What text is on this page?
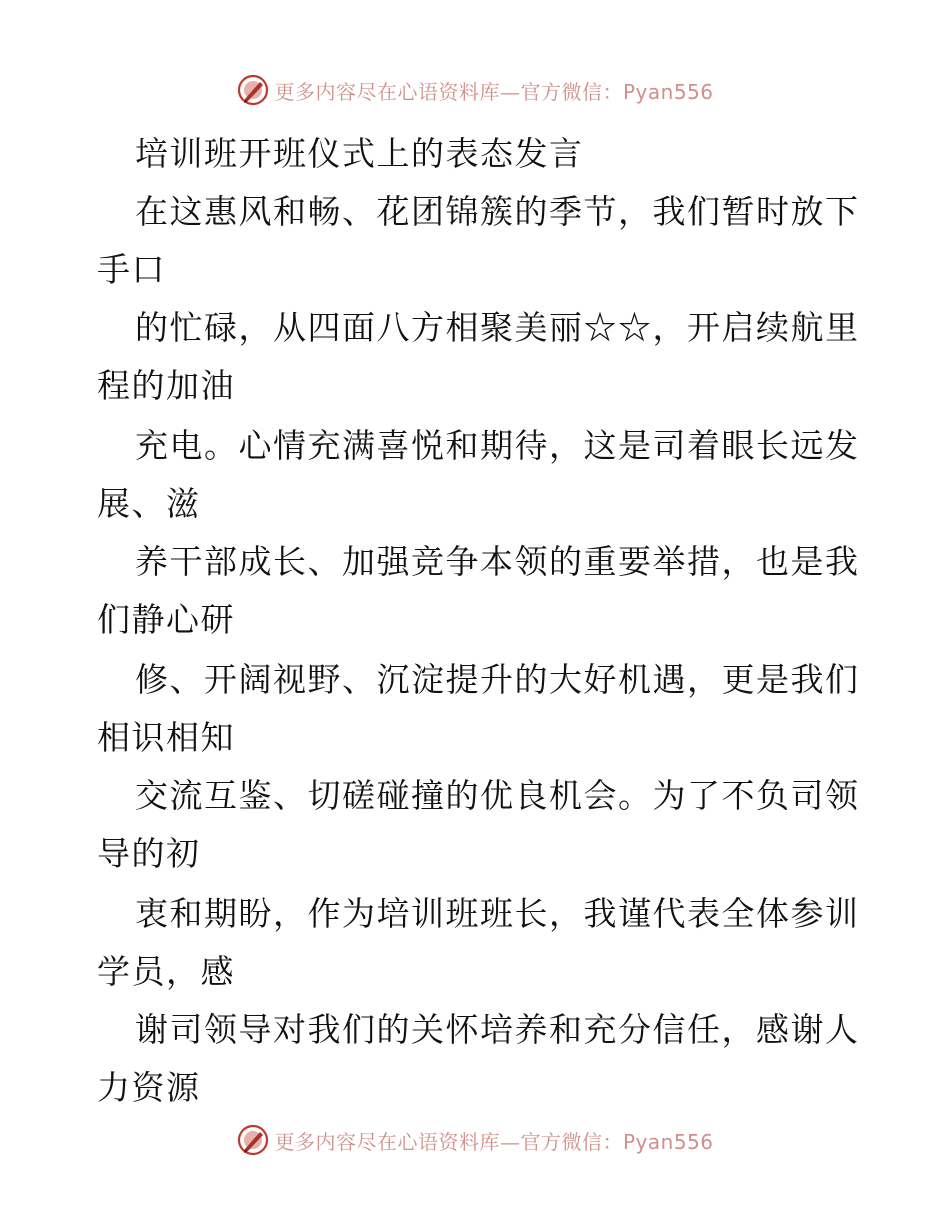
更多内容尽在心语资料库—官方微信：Pyan556
培训班开班仪式上的表态发言
在这惠风和畅、花团锦簇的季节，我们暂时放下
手口
的忙碌，从四面八方相聚美丽☆☆，开启续航里
程的加油
充电。心情充满喜悦和期待，这是司着眼长远发
展、滋
养干部成长、加强竞争本领的重要举措，也是我
们静心研
修、开阔视野、沉淀提升的大好机遇，更是我们
相识相知
交流互鉴、切磋碰撞的优良机会。为了不负司领
导的初
衷和期盼，作为培训班班长，我谨代表全体参训
学员，感
谢司领导对我们的关怀培养和充分信任，感谢人
力资源
更多内容尽在心语资料库—官方微信：Pyan556
